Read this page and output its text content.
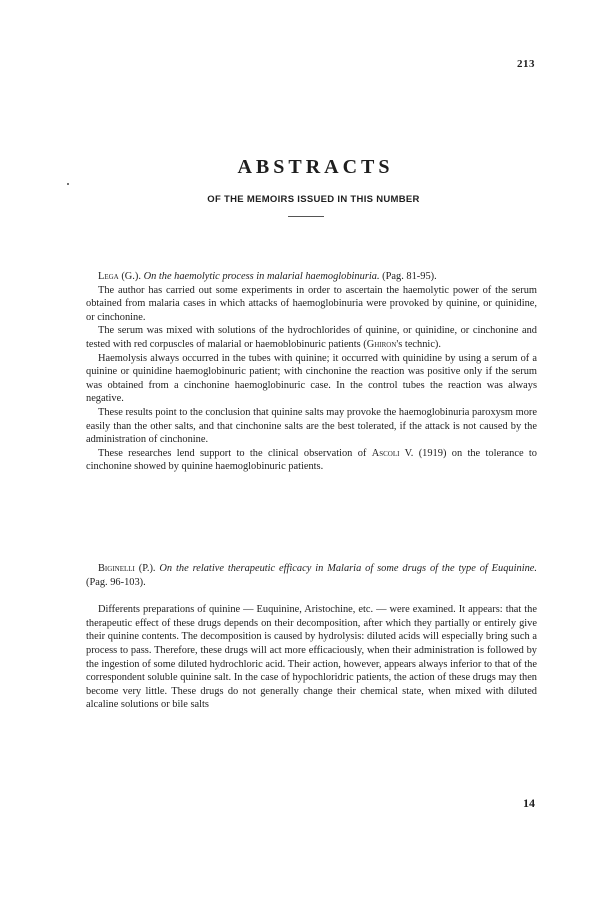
213
ABSTRACTS
OF THE MEMOIRS ISSUED IN THIS NUMBER

Lega (G.). On the haemolytic process in malarial haemoglobinuria. (Pag. 81-95).

The author has carried out some experiments in order to ascertain the haemolytic power of the serum obtained from malaria cases in which attacks of haemoglobinuria were provoked by quinine, or quinidine, or cinchonine.

The serum was mixed with solutions of the hydrochlorides of quinine, or quinidine, or cinchonine and tested with red corpuscles of malarial or haemoblobinuric patients (Ghiron's technic).

Haemolysis always occurred in the tubes with quinine; it occurred with quinidine by using a serum of a quinine or quinidine haemoglobinuric patient; with cinchonine the reaction was positive only if the serum was obtained from a cinchonine haemoglobinuric case. In the control tubes the reaction was always negative.

These results point to the conclusion that quinine salts may provoke the haemoglobinuria paroxysm more easily than the other salts, and that cinchonine salts are the best tolerated, if the attack is not caused by the administration of cinchonine.

These researches lend support to the clinical observation of Ascoli V. (1919) on the tolerance to cinchonine showed by quinine haemoglobinuric patients.

Biginelli (P.). On the relative therapeutic efficacy in Malaria of some drugs of the type of Euquinine. (Pag. 96-103).

Differents preparations of quinine — Euquinine, Aristochine, etc. — were examined. It appears: that the therapeutic effect of these drugs depends on their decomposition, after which they partially or entirely give their quinine contents. The decomposition is caused by hydrolysis: diluted acids will especially bring such a process to pass. Therefore, these drugs will act more efficaciously, when their administration is followed by the ingestion of some diluted hydrochloric acid. Their action, however, appears always inferior to that of the correspondent soluble quinine salt. In the case of hypochloridric patients, the action of these drugs may then become very little. These drugs do not generally change their chemical state, when mixed with diluted alcaline solutions or bile salts

14
